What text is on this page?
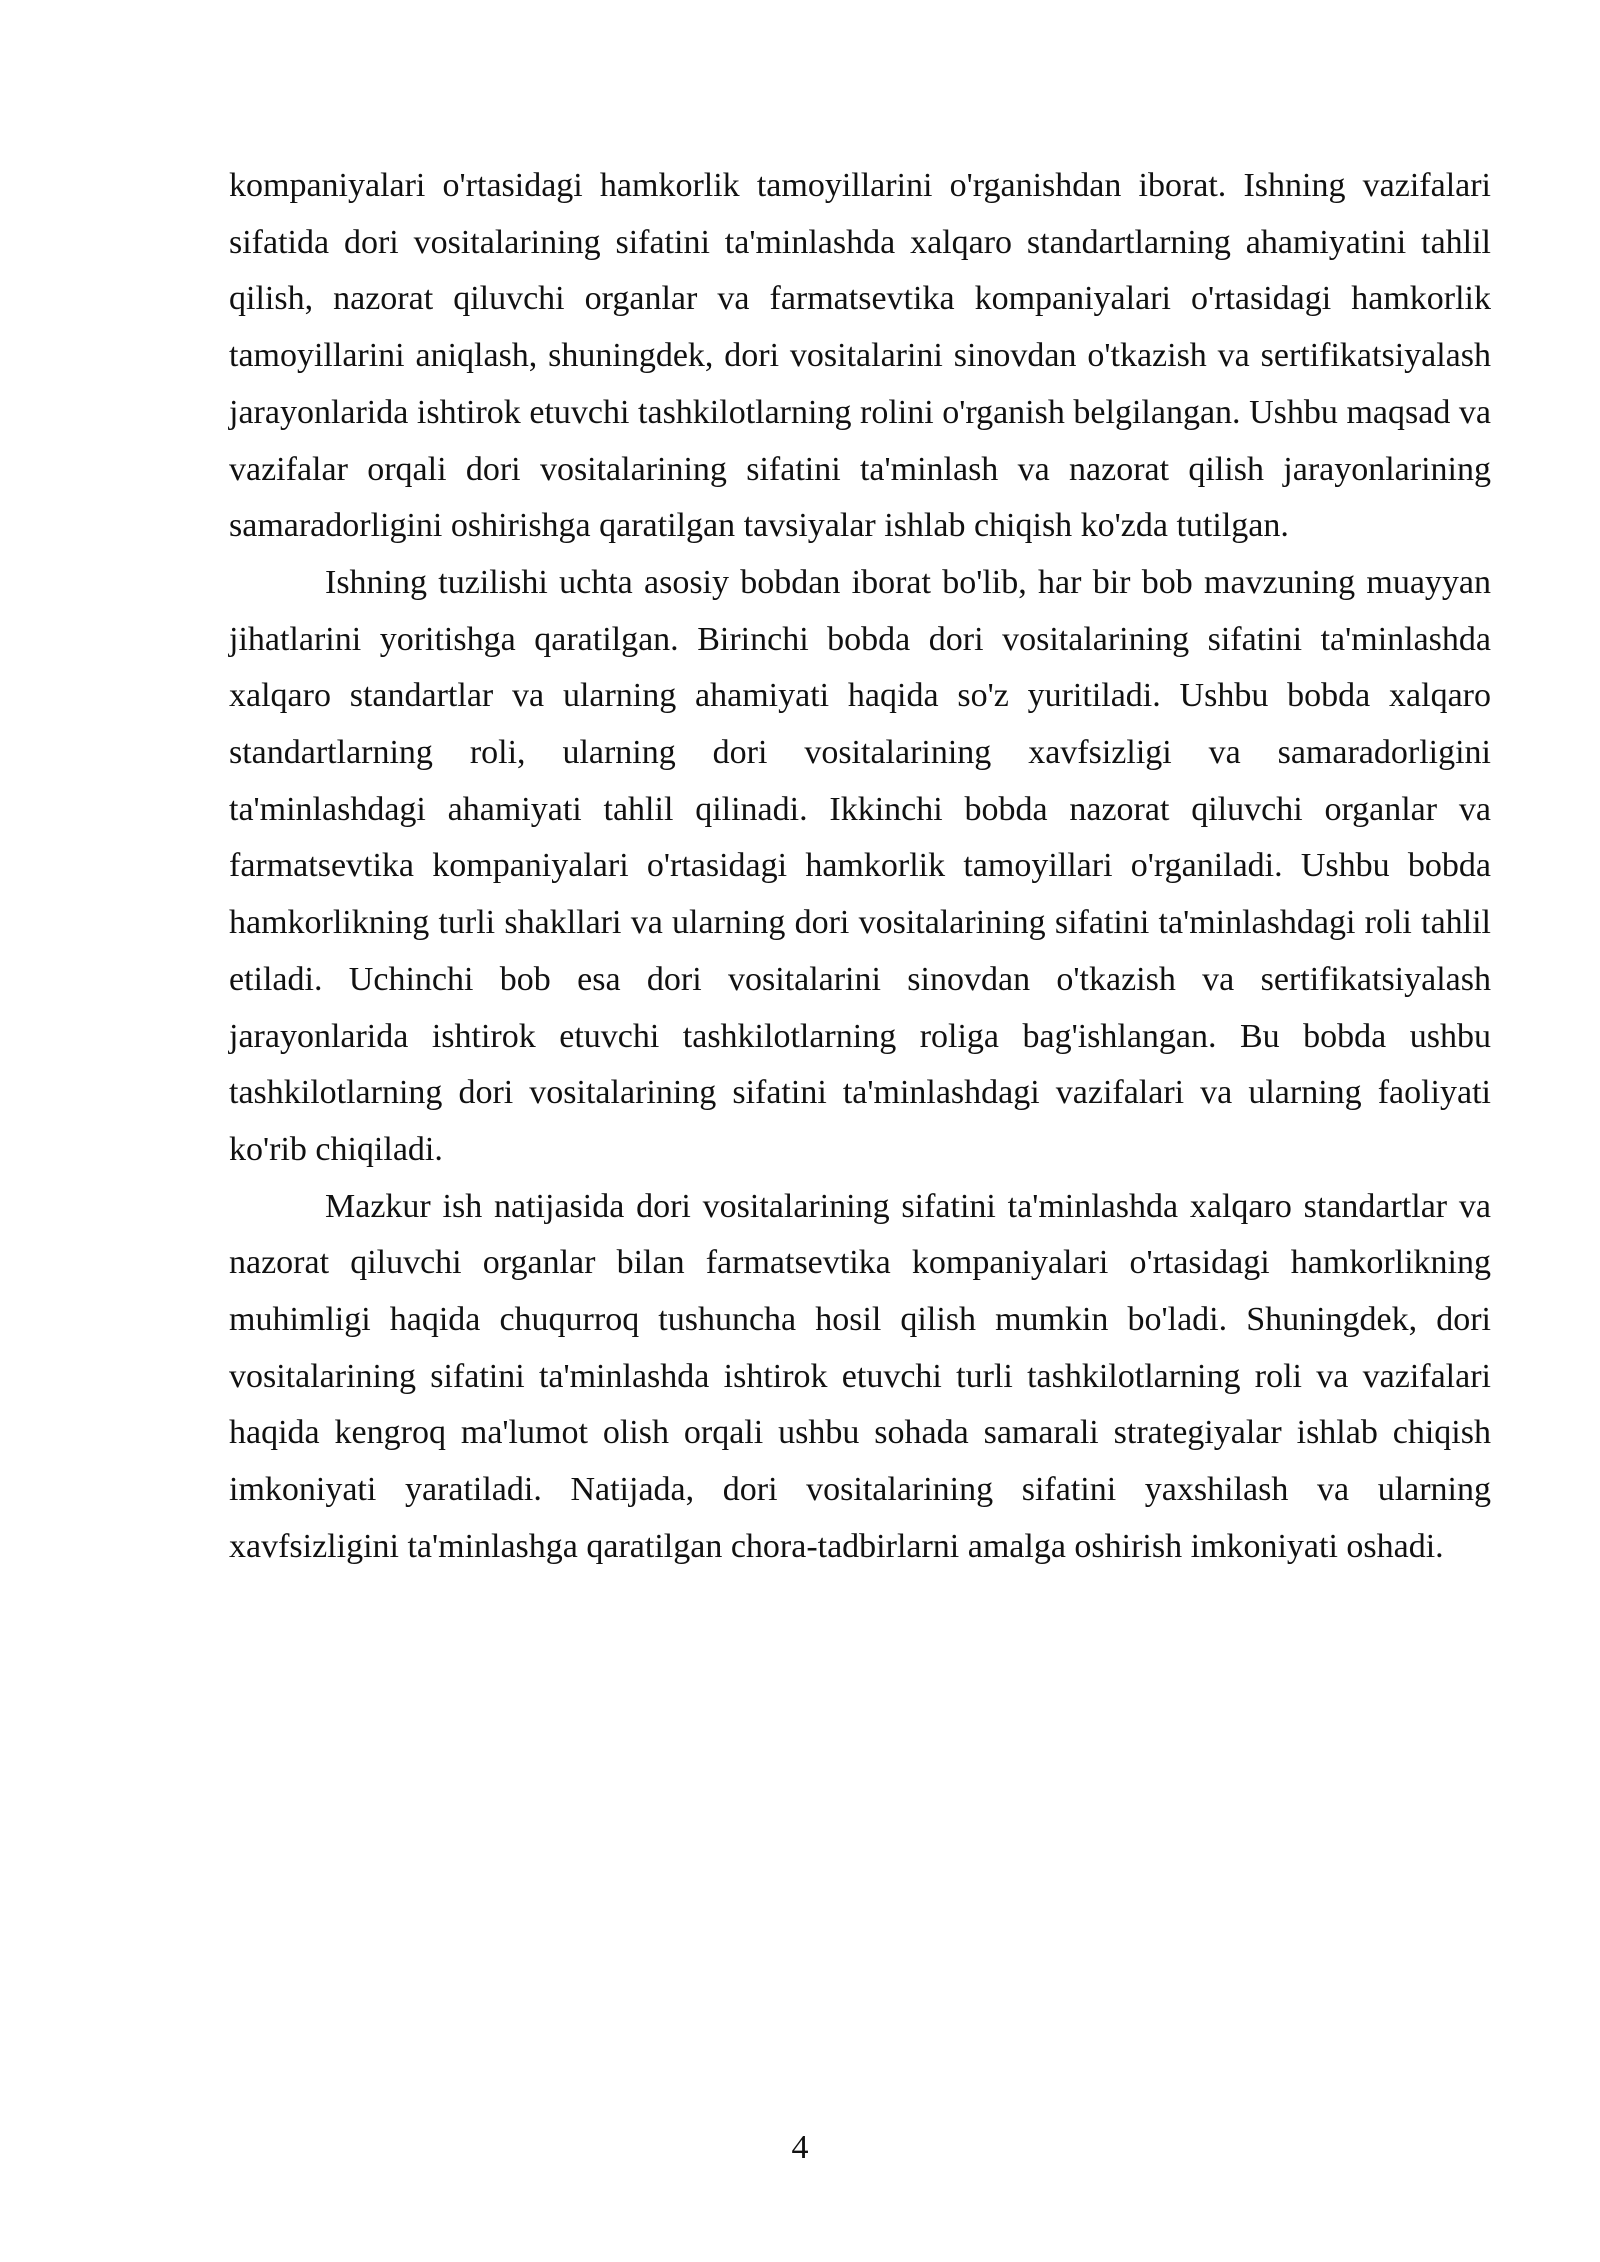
kompaniyalari o'rtasidagi hamkorlik tamoyillarini o'rganishdan iborat. Ishning vazifalari sifatida dori vositalarining sifatini ta'minlashda xalqaro standartlarning ahamiyatini tahlil qilish, nazorat qiluvchi organlar va farmatsevtika kompaniyalari o'rtasidagi hamkorlik tamoyillarini aniqlash, shuningdek, dori vositalarini sinovdan o'tkazish va sertifikatsiyalash jarayonlarida ishtirok etuvchi tashkilotlarning rolini o'rganish belgilangan. Ushbu maqsad va vazifalar orqali dori vositalarining sifatini ta'minlash va nazorat qilish jarayonlarining samaradorligini oshirishga qaratilgan tavsiyalar ishlab chiqish ko'zda tutilgan.

Ishning tuzilishi uchta asosiy bobdan iborat bo'lib, har bir bob mavzuning muayyan jihatlarini yoritishga qaratilgan. Birinchi bobda dori vositalarining sifatini ta'minlashda xalqaro standartlar va ularning ahamiyati haqida so'z yuritiladi. Ushbu bobda xalqaro standartlarning roli, ularning dori vositalarining xavfsizligi va samaradorligini ta'minlashdagi ahamiyati tahlil qilinadi. Ikkinchi bobda nazorat qiluvchi organlar va farmatsevtika kompaniyalari o'rtasidagi hamkorlik tamoyillari o'rganiladi. Ushbu bobda hamkorlikning turli shakllari va ularning dori vositalarining sifatini ta'minlashdagi roli tahlil etiladi. Uchinchi bob esa dori vositalarini sinovdan o'tkazish va sertifikatsiyalash jarayonlarida ishtirok etuvchi tashkilotlarning roliga bag'ishlangan. Bu bobda ushbu tashkilotlarning dori vositalarining sifatini ta'minlashdagi vazifalari va ularning faoliyati ko'rib chiqiladi.

Mazkur ish natijasida dori vositalarining sifatini ta'minlashda xalqaro standartlar va nazorat qiluvchi organlar bilan farmatsevtika kompaniyalari o'rtasidagi hamkorlikning muhimligi haqida chuqurroq tushuncha hosil qilish mumkin bo'ladi. Shuningdek, dori vositalarining sifatini ta'minlashda ishtirok etuvchi turli tashkilotlarning roli va vazifalari haqida kengroq ma'lumot olish orqali ushbu sohada samarali strategiyalar ishlab chiqish imkoniyati yaratiladi. Natijada, dori vositalarining sifatini yaxshilash va ularning xavfsizligini ta'minlashga qaratilgan chora-tadbirlarni amalga oshirish imkoniyati oshadi.

4
